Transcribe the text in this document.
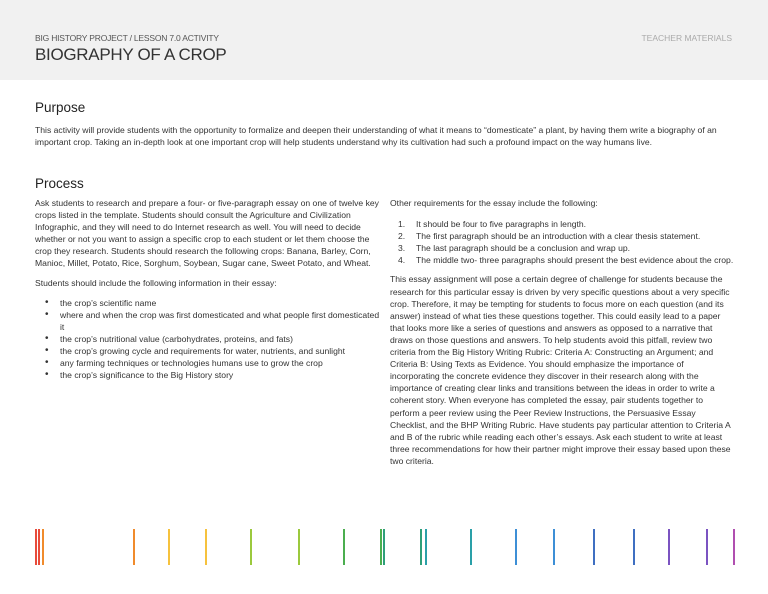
BIG HISTORY PROJECT / LESSON 7.0 ACTIVITY	TEACHER MATERIALS
BIOGRAPHY OF A CROP
Purpose

This activity will provide students with the opportunity to formalize and deepen their understanding of what it means to “domesticate” a plant, by having them write a biography of an important crop. Taking an in-depth look at one important crop will help students understand why its cultivation had such a profound impact on the way humans live.

Process
Ask students to research and prepare a four- or five-paragraph essay on one of twelve key crops listed in the template. Students should consult the Agriculture and Civilization Infographic, and they will need to do Internet research as well. You will need to decide whether or not you want to assign a specific crop to each student or let them choose the crop they research. Students should research the following crops: Banana, Barley, Corn, Manioc, Millet, Potato, Rice, Sorghum, Soybean, Sugar cane, Sweet Potato, and Wheat.
Students should include the following information in their essay:
• the crop’s scientific name
• where and when the crop was first domesticated and what people first domesticated it
• the crop’s nutritional value (carbohydrates, proteins, and fats)
• the crop’s growing cycle and requirements for water, nutrients, and sunlight
• any farming techniques or technologies humans use to grow the crop
• the crop’s significance to the Big History story
Other requirements for the essay include the following:
1. It should be four to five paragraphs in length.
2. The first paragraph should be an introduction with a clear thesis statement.
3. The last paragraph should be a conclusion and wrap up.
4. The middle two- three paragraphs should present the best evidence about the crop.
This essay assignment will pose a certain degree of challenge for students because the research for this particular essay is driven by very specific questions about a very specific crop. Therefore, it may be tempting for students to focus more on each question (and its answer) instead of what ties these questions together. This could easily lead to a paper that looks more like a series of questions and answers as opposed to a narrative that draws on those questions and answers. To help students avoid this pitfall, review two criteria from the Big History Writing Rubric: Criteria A: Constructing an Argument; and Criteria B: Using Texts as Evidence. You should emphasize the importance of incorporating the concrete evidence they discover in their research along with the importance of creating clear links and transitions between the ideas in order to write a coherent story. When everyone has completed the essay, pair students together to perform a peer review using the Peer Review Instructions, the Persuasive Essay Checklist, and the BHP Writing Rubric. Have students pay particular attention to Criteria A and B of the rubric while reading each other’s essays. Ask each student to write at least three recommendations for how their partner might improve their essay based upon these two criteria.
